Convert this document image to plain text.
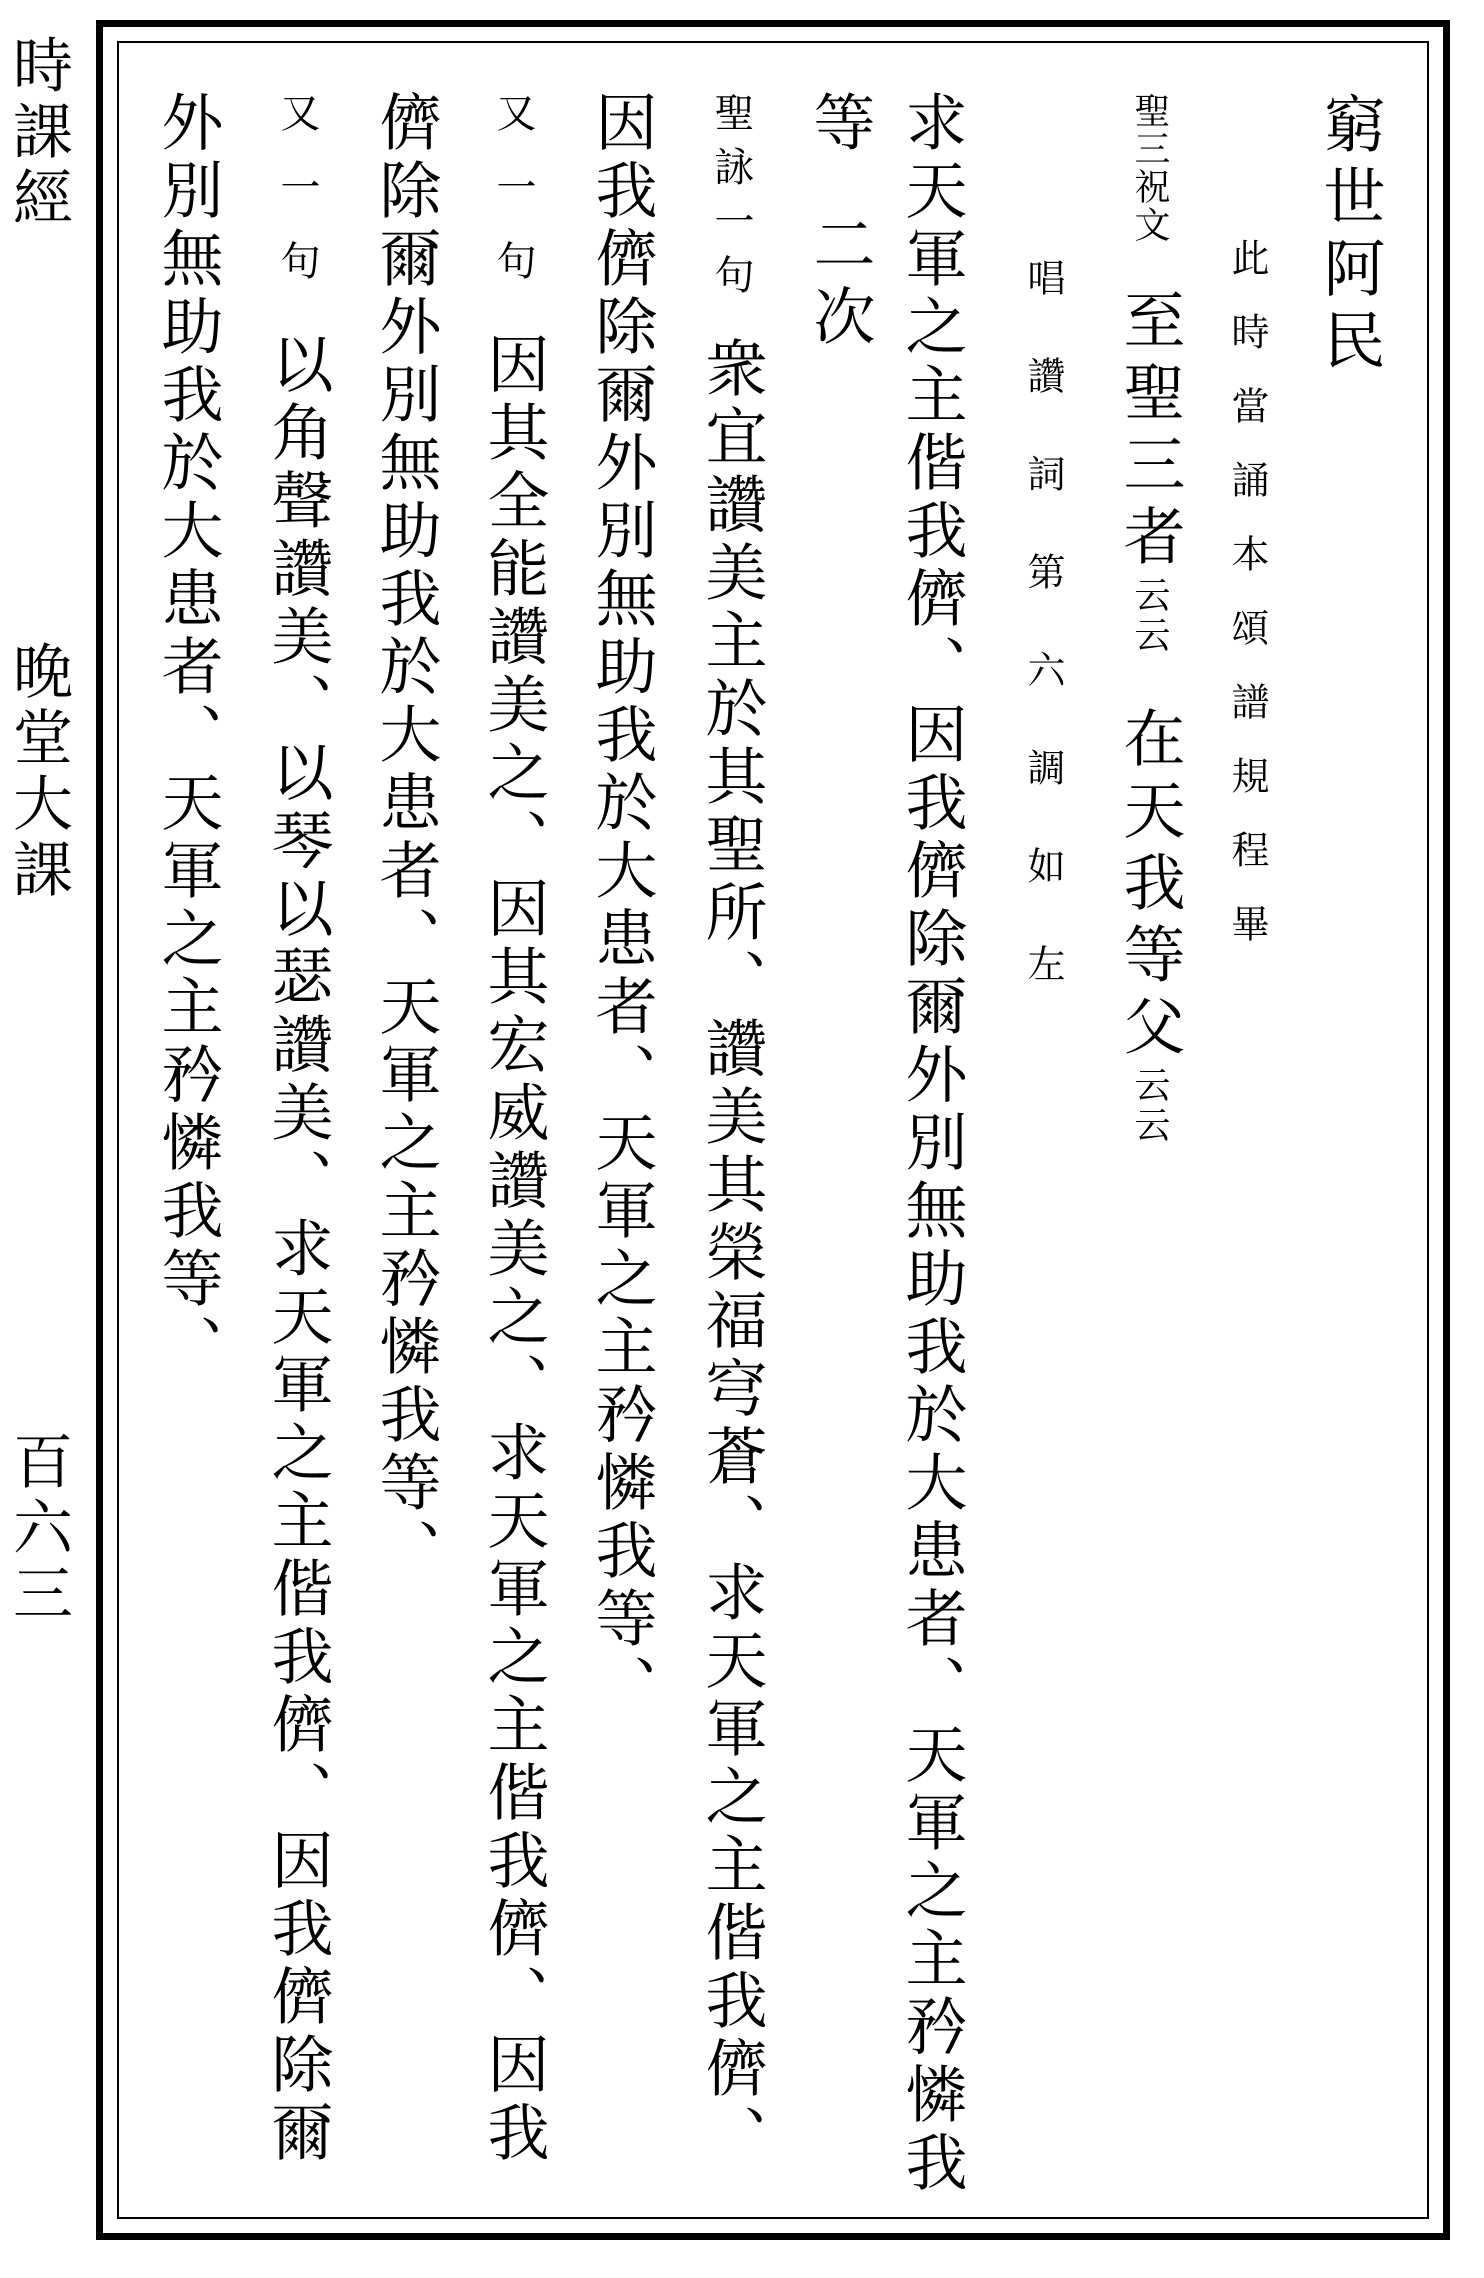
時課經
晚堂大課
百六三
窮世阿民
此時當誦本頌譜規程畢
聖三祝文至聖三者云云在天我等父云云
唱讚詞第六調如左
求天軍之主偕我儕、因我儕除爾外別無助我於大患者、天軍之主矜憐我
等二次
聖詠一句衆宜讚美主於其聖所、讚美其榮福穹蒼、求天軍之主偕我儕、
因我儕除爾外別無助我於大患者、天軍之主矜憐我等、
又一句因其全能讚美之、因其宏威讚美之、求天軍之主偕我儕、因我
儕除爾外別無助我於大患者、天軍之主矜憐我等、
又一句以角聲讚美、以琴以瑟讚美、求天軍之主偕我儕、因我儕除爾
外別無助我於大患者、天軍之主矜憐我等、
